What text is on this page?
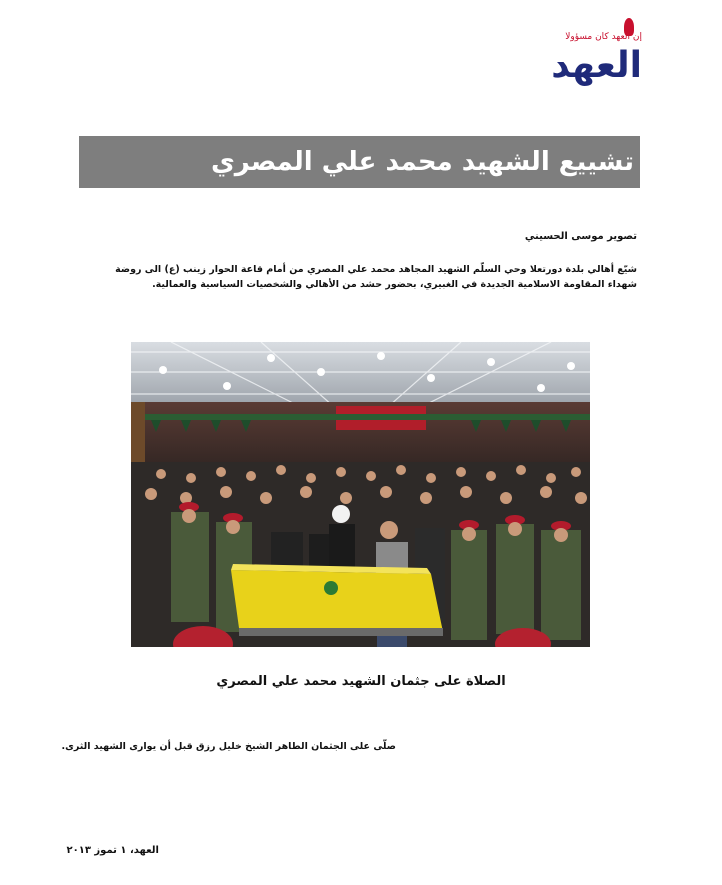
إن العهد كان مسؤولا
العهد
تشييع الشهيد محمد علي المصري
تصوير موسى الحسيني
شيّع أهالي بلدة دورتعلا وحي السلّم الشهيد المجاهد محمد علي المصري من أمام قاعة الحوار زينب (ع) الى روضة شهداء المقاومة الاسلامية الجديدة في الغبيري، بحضور حشد من الأهالي والشخصيات السياسية والعمالية.
الصلاة على جثمان الشهيد محمد علي المصري
صلّى على الجثمان الطاهر الشيخ خليل رزق قبل أن يوارى الشهيد الثرى.
العهد، ١ تموز ٢٠١٣
